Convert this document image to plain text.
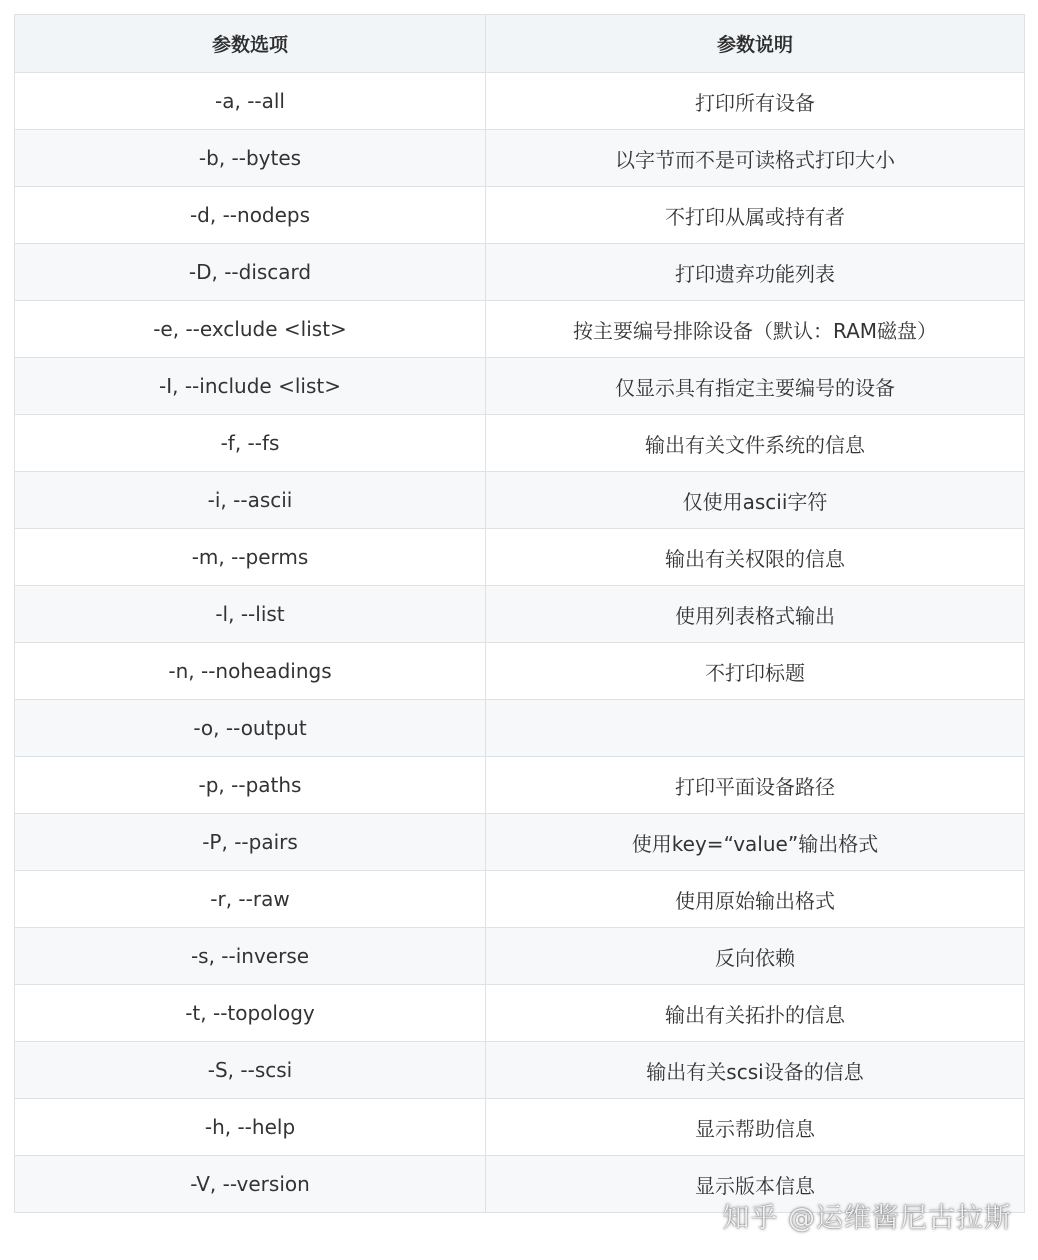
参数选项	参数说明
-a, --all	打印所有设备
-b, --bytes	以字节而不是可读格式打印大小
-d, --nodeps	不打印从属或持有者
-D, --discard	打印遗弃功能列表
-e, --exclude <list>	按主要编号排除设备（默认：RAM磁盘）
-I, --include <list>	仅显示具有指定主要编号的设备
-f, --fs	输出有关文件系统的信息
-i, --ascii	仅使用ascii字符
-m, --perms	输出有关权限的信息
-l, --list	使用列表格式输出
-n, --noheadings	不打印标题
-o, --output	
-p, --paths	打印平面设备路径
-P, --pairs	使用key=“value”输出格式
-r, --raw	使用原始输出格式
-s, --inverse	反向依赖
-t, --topology	输出有关拓扑的信息
-S, --scsi	输出有关scsi设备的信息
-h, --help	显示帮助信息
-V, --version	显示版本信息
知乎 @运维酱尼古拉斯
